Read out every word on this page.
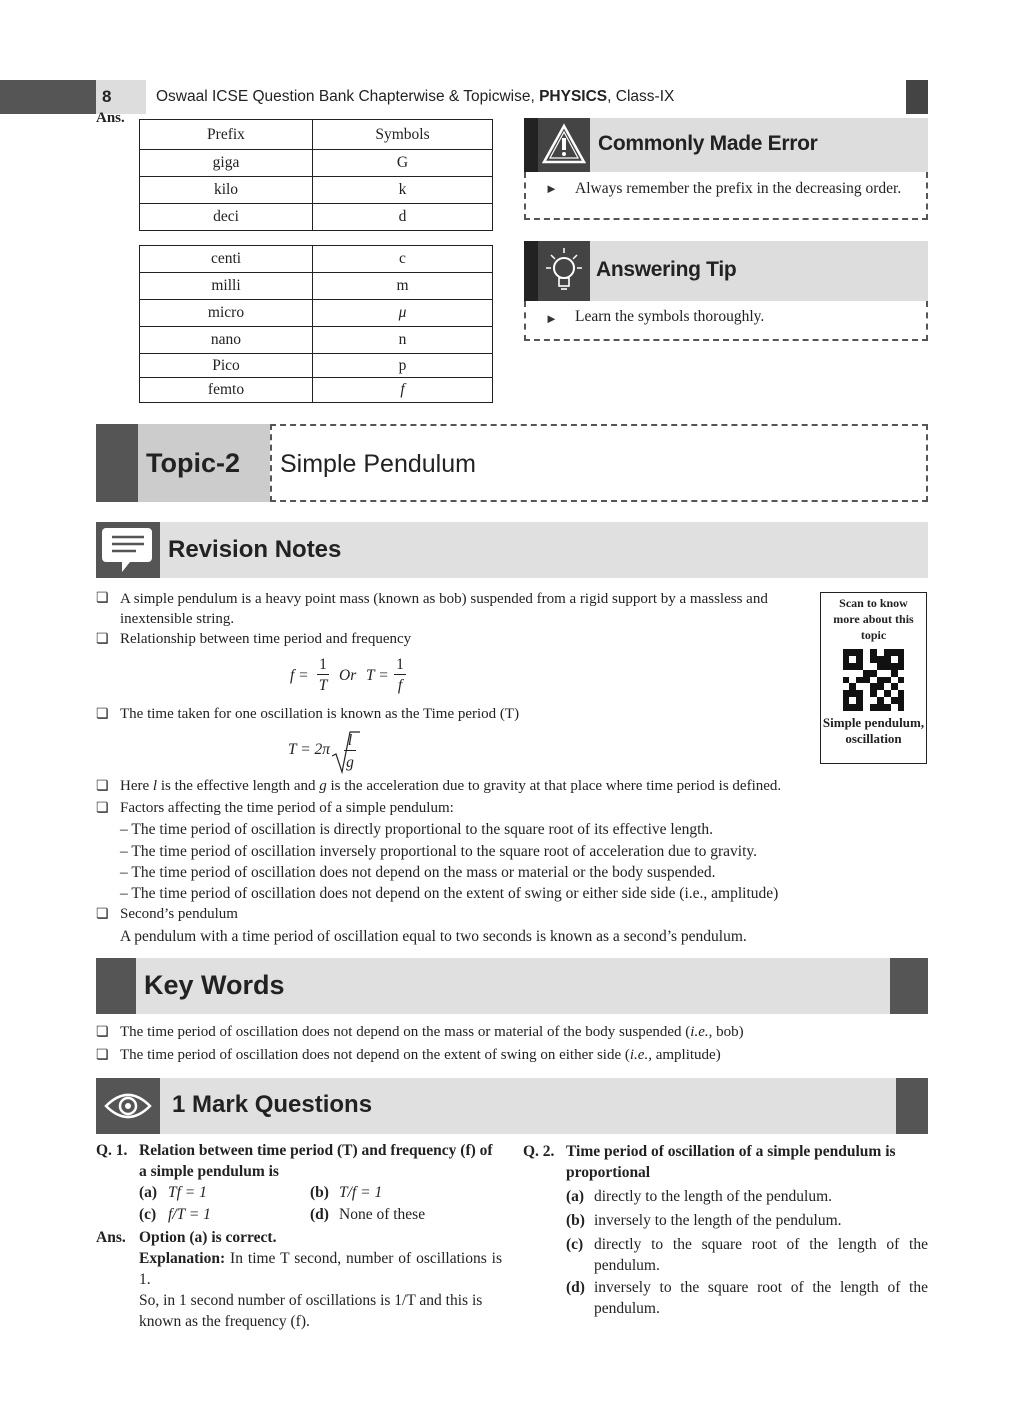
8	Oswaal ICSE Question Bank Chapterwise & Topicwise, PHYSICS, Class-IX
Ans.
Prefix	Symbols
giga	G
kilo	k
deci	d
centi	c
milli	m
micro	μ
nano	n
Pico	p
femto	f
Commonly Made Error
► Always remember the prefix in the decreasing order.
Answering Tip
► Learn the symbols thoroughly.
Topic-2	Simple Pendulum
Revision Notes
❏ A simple pendulum is a heavy point mass (known as bob) suspended from a rigid support by a massless and inextensible string.
❏ Relationship between time period and frequency
f =
1
T
Or T =
1
f
❏ The time taken for one oscillation is known as the Time period (T)
T = 2π
l
g
❏ Here l is the effective length and g is the acceleration due to gravity at that place where time period is defined.
❏ Factors affecting the time period of a simple pendulum:
– The time period of oscillation is directly proportional to the square root of its effective length.
– The time period of oscillation inversely proportional to the square root of acceleration due to gravity.
– The time period of oscillation does not depend on the mass or material or the body suspended.
– The time period of oscillation does not depend on the extent of swing or either side side (i.e., amplitude)
❏ Second’s pendulum
A pendulum with a time period of oscillation equal to two seconds is known as a second’s pendulum.
Scan to know more about this topic
Simple pendulum, oscillation
Key Words
❏ The time period of oscillation does not depend on the mass or material of the body suspended (i.e., bob)
❏ The time period of oscillation does not depend on the extent of swing on either side (i.e., amplitude)
1 Mark Questions
Q. 1. Relation between time period (T) and frequency (f) of a simple pendulum is
(a) Tf = 1	(b) T/f = 1
(c) f/T = 1	(d) None of these
Ans. Option (a) is correct.
Explanation: In time T second, number of oscillations is 1.
So, in 1 second number of oscillations is 1/T and this is known as the frequency (f).
Q. 2. Time period of oscillation of a simple pendulum is proportional
(a) directly to the length of the pendulum.
(b) inversely to the length of the pendulum.
(c) directly to the square root of the length of the pendulum.
(d) inversely to the square root of the length of the pendulum.
